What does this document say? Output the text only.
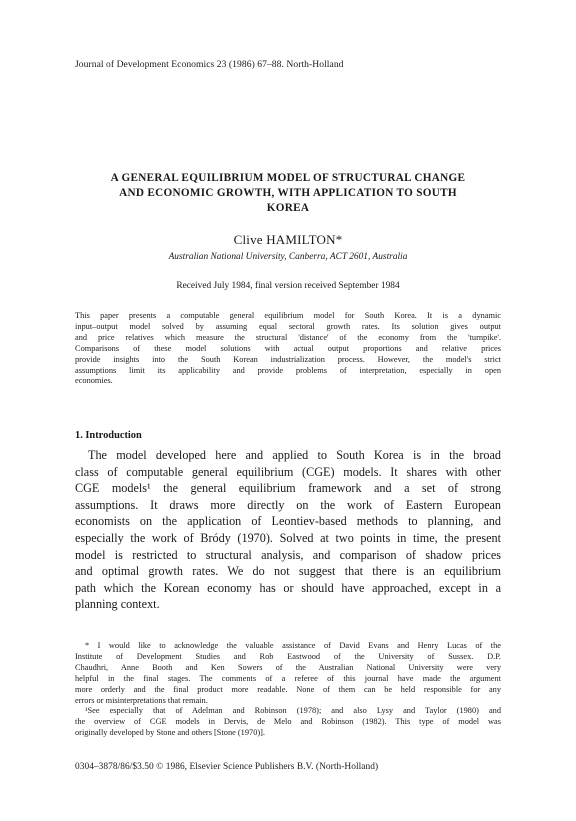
Journal of Development Economics 23 (1986) 67–88. North-Holland
A GENERAL EQUILIBRIUM MODEL OF STRUCTURAL CHANGE
AND ECONOMIC GROWTH, WITH APPLICATION TO SOUTH
KOREA
Clive HAMILTON*
Australian National University, Canberra, ACT 2601, Australia
Received July 1984, final version received September 1984
This paper presents a computable general equilibrium model for South Korea. It is a dynamic
input–output model solved by assuming equal sectoral growth rates. Its solution gives output
and price relatives which measure the structural 'distance' of the economy from the 'turnpike'.
Comparisons of these model solutions with actual output proportions and relative prices
provide insights into the South Korean industrialization process. However, the model's strict
assumptions limit its applicability and provide problems of interpretation, especially in open
economies.
1. Introduction
The model developed here and applied to South Korea is in the broad
class of computable general equilibrium (CGE) models. It shares with other
CGE models¹ the general equilibrium framework and a set of strong
assumptions. It draws more directly on the work of Eastern European
economists on the application of Leontiev-based methods to planning, and
especially the work of Bródy (1970). Solved at two points in time, the present
model is restricted to structural analysis, and comparison of shadow prices
and optimal growth rates. We do not suggest that there is an equilibrium
path which the Korean economy has or should have approached, except in a
planning context.
* I would like to acknowledge the valuable assistance of David Evans and Henry Lucas of the
Institute of Development Studies and Rob Eastwood of the University of Sussex. D.P.
Chaudhri, Anne Booth and Ken Sowers of the Australian National University were very
helpful in the final stages. The comments of a referee of this journal have made the argument
more orderly and the final product more readable. None of them can be held responsible for any
errors or misinterpretations that remain.
¹See especially that of Adelman and Robinson (1978); and also Lysy and Taylor (1980) and
the overview of CGE models in Dervis, de Melo and Robinson (1982). This type of model was
originally developed by Stone and others [Stone (1970)].
0304–3878/86/$3.50 © 1986, Elsevier Science Publishers B.V. (North-Holland)
